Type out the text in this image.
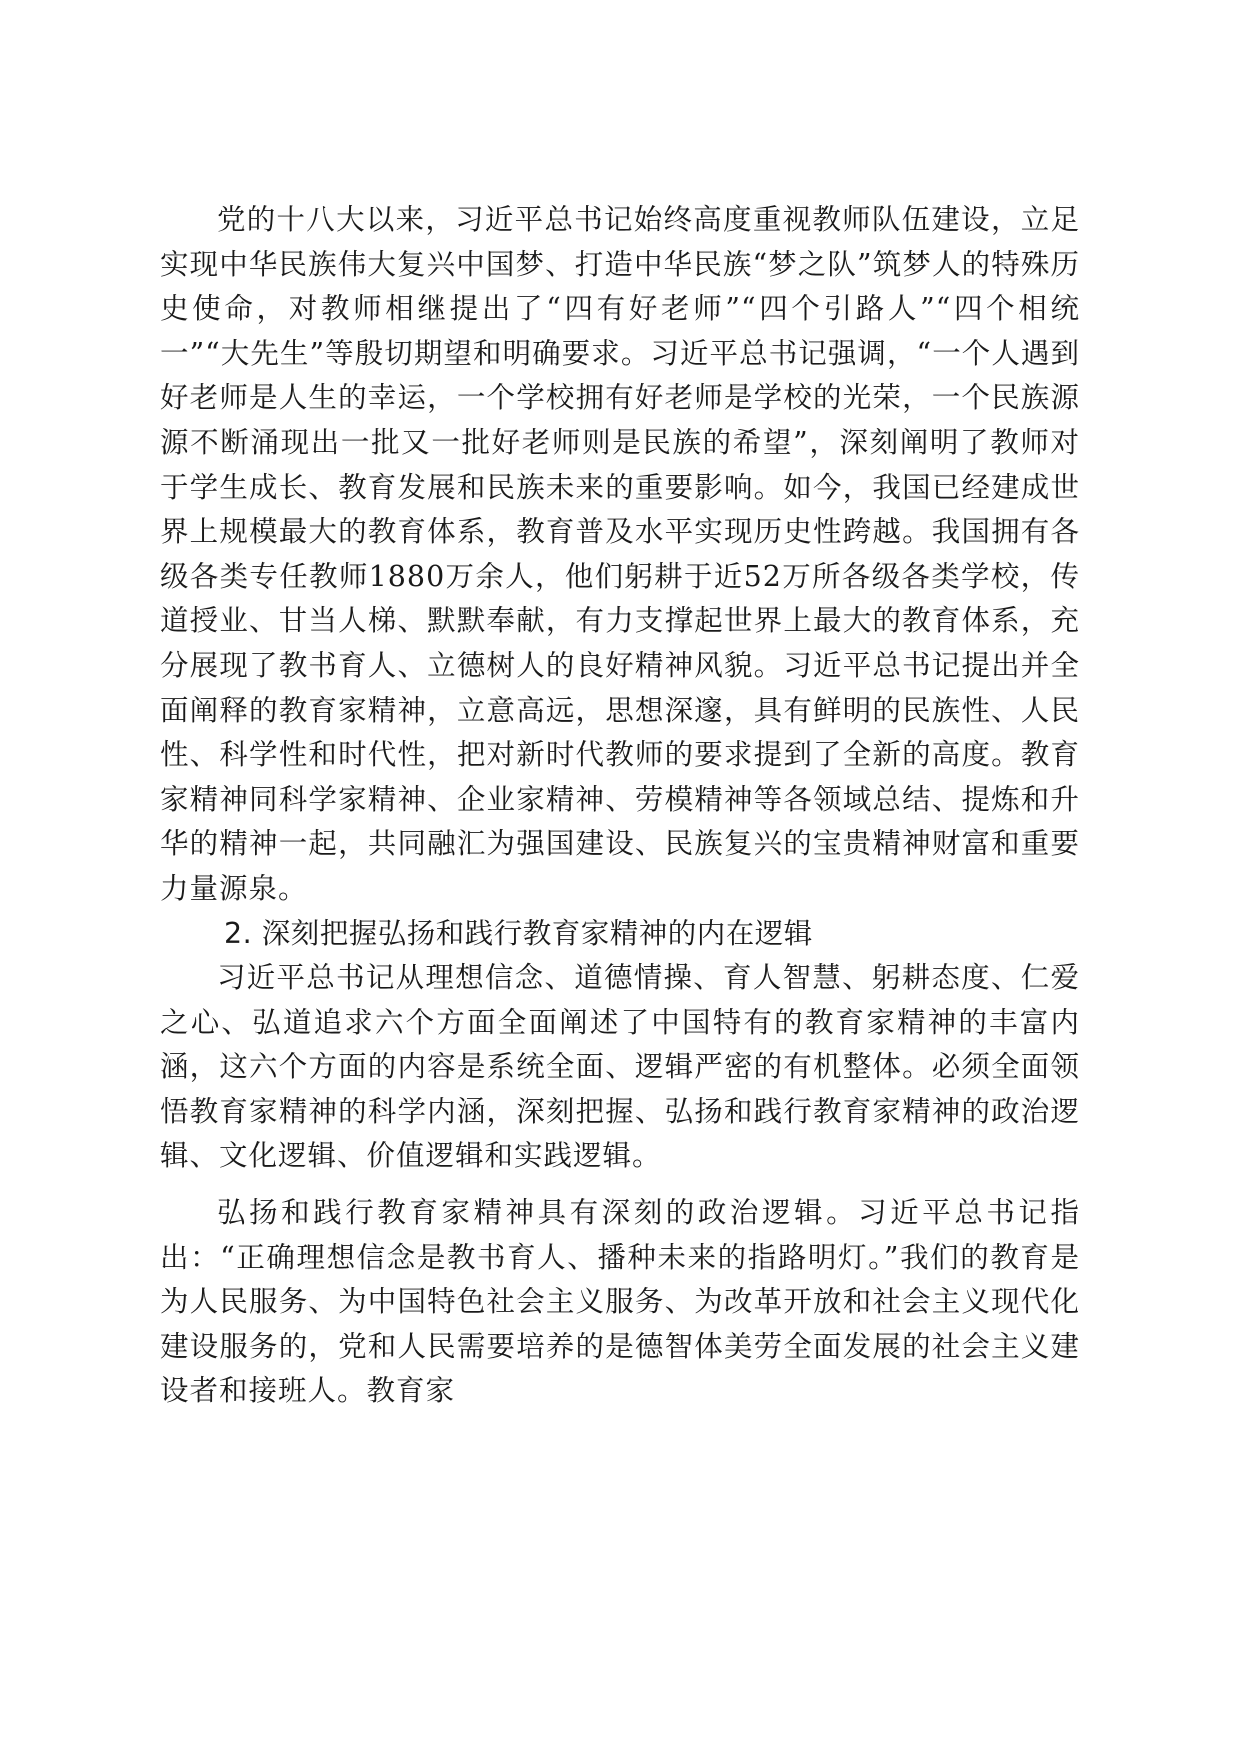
党的十八大以来，习近平总书记始终高度重视教师队伍建设，立足实现中华民族伟大复兴中国梦、打造中华民族“梦之队”筑梦人的特殊历史使命，对教师相继提出了“四有好老师”“四个引路人”“四个相统一”“大先生”等殷切期望和明确要求。习近平总书记强调，“一个人遇到好老师是人生的幸运，一个学校拥有好老师是学校的光荣，一个民族源源不断涌现出一批又一批好老师则是民族的希望”，深刻阐明了教师对于学生成长、教育发展和民族未来的重要影响。如今，我国已经建成世界上规模最大的教育体系，教育普及水平实现历史性跨越。我国拥有各级各类专任教师1880万余人，他们躬耕于近52万所各级各类学校，传道授业、甘当人梯、默默奉献，有力支撑起世界上最大的教育体系，充分展现了教书育人、立德树人的良好精神风貌。习近平总书记提出并全面阐释的教育家精神，立意高远，思想深邃，具有鲜明的民族性、人民性、科学性和时代性，把对新时代教师的要求提到了全新的高度。教育家精神同科学家精神、企业家精神、劳模精神等各领域总结、提炼和升华的精神一起，共同融汇为强国建设、民族复兴的宝贵精神财富和重要力量源泉。

2. 深刻把握弘扬和践行教育家精神的内在逻辑

习近平总书记从理想信念、道德情操、育人智慧、躬耕态度、仁爱之心、弘道追求六个方面全面阐述了中国特有的教育家精神的丰富内涵，这六个方面的内容是系统全面、逻辑严密的有机整体。必须全面领悟教育家精神的科学内涵，深刻把握、弘扬和践行教育家精神的政治逻辑、文化逻辑、价值逻辑和实践逻辑。

弘扬和践行教育家精神具有深刻的政治逻辑。习近平总书记指出：“正确理想信念是教书育人、播种未来的指路明灯。”我们的教育是为人民服务、为中国特色社会主义服务、为改革开放和社会主义现代化建设服务的，党和人民需要培养的是德智体美劳全面发展的社会主义建设者和接班人。教育家
